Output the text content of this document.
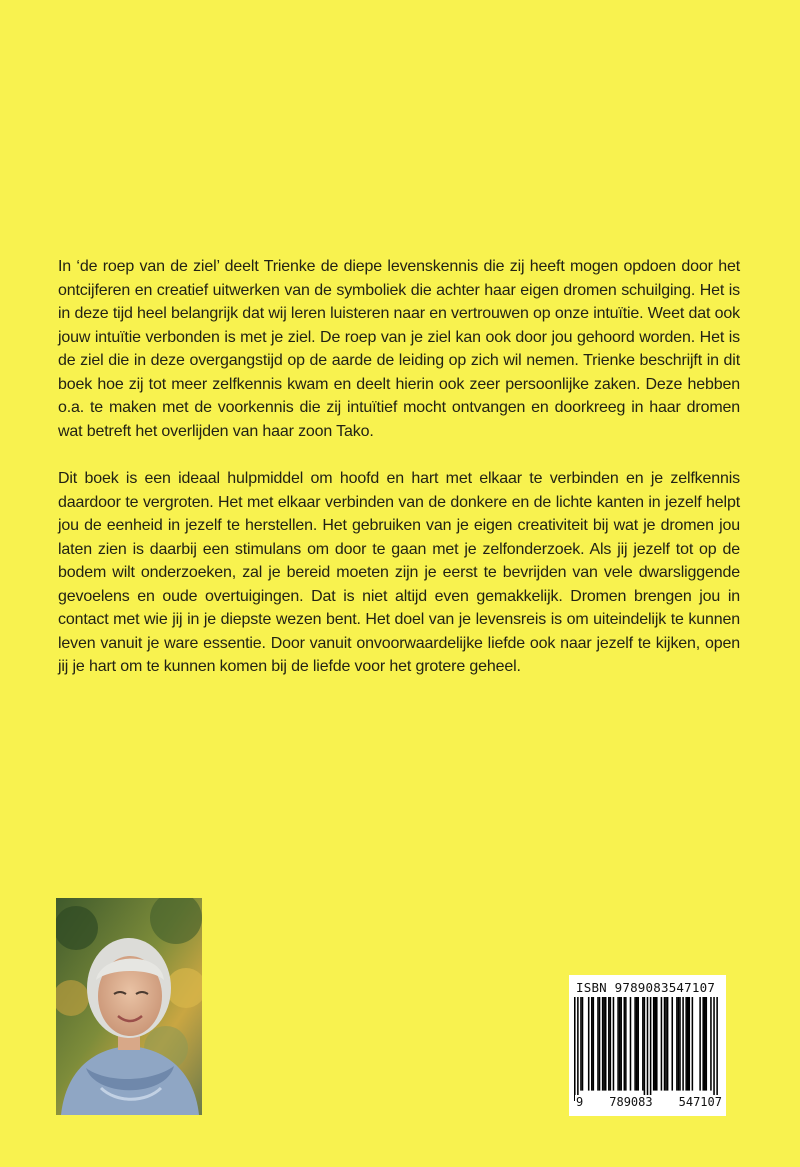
In ‘de roep van de ziel’ deelt Trienke de diepe levenskennis die zij heeft mogen opdoen door het ontcijferen en creatief uitwerken van de symboliek die achter haar eigen dromen schuilging. Het is in deze tijd heel belangrijk dat wij leren luisteren naar en vertrouwen op onze intuïtie. Weet dat ook jouw intuïtie verbonden is met je ziel. De roep van je ziel kan ook door jou gehoord worden. Het is de ziel die in deze overgangstijd op de aarde de leiding op zich wil nemen. Trienke beschrijft in dit boek hoe zij tot meer zelfkennis kwam en deelt hierin ook zeer persoonlijke zaken. Deze hebben o.a. te maken met de voorkennis die zij intuïtief mocht ontvangen en doorkreeg in haar dromen wat betreft het overlijden van haar zoon Tako.

Dit boek is een ideaal hulpmiddel om hoofd en hart met elkaar te verbinden en je zelfkennis daardoor te vergroten. Het met elkaar verbinden van de donkere en de lichte kanten in jezelf helpt jou de eenheid in jezelf te herstellen. Het gebruiken van je eigen creativiteit bij wat je dromen jou laten zien is daarbij een stimulans om door te gaan met je zelfonderzoek. Als jij jezelf tot op de bodem wilt onderzoeken, zal je bereid moeten zijn je eerst te bevrijden van vele dwarsliggende gevoelens en oude overtuigingen. Dat is niet altijd even gemakkelijk. Dromen brengen jou in contact met wie jij in je diepste wezen bent. Het doel van je levensreis is om uiteindelijk te kunnen leven vanuit je ware essentie. Door vanuit onvoorwaardelijke liefde ook naar jezelf te kijken, open jij je hart om te kunnen komen bij de liefde voor het grotere geheel.

ISBN 9789083547107
9 789083 547107
